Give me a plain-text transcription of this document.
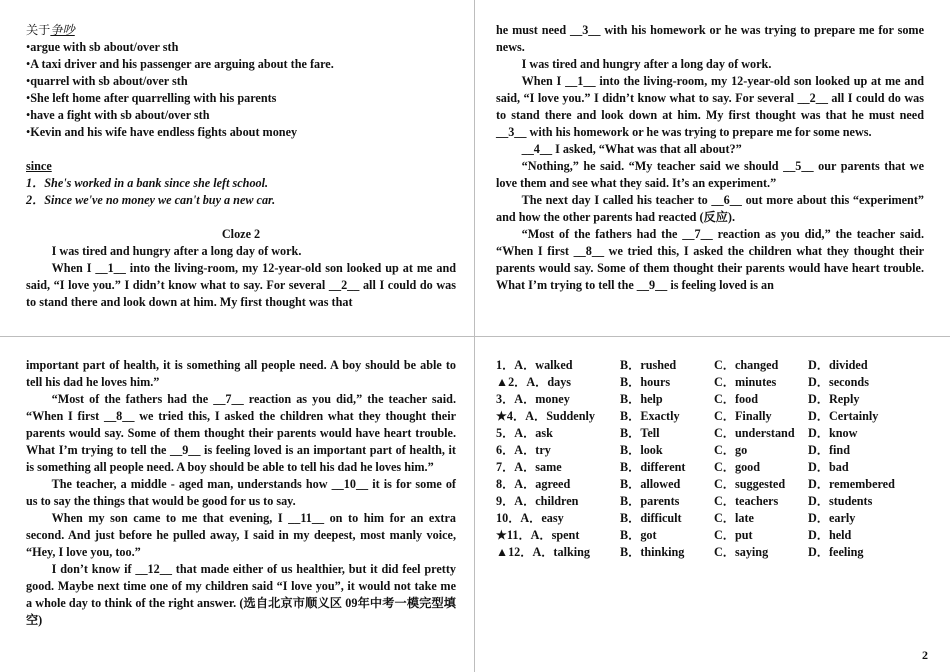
关于争吵
•argue with sb about/over sth
•A taxi driver and his passenger are arguing about the fare.
•quarrel with sb about/over sth
•She left home after quarrelling with his parents
•have a fight with sb about/over sth
•Kevin and his wife have endless fights about money
since
1．She's worked in a bank since she left school.
2．Since we've no money we can't buy a new car.
Cloze 2
I was tired and hungry after a long day of work.
When I __1__ into the living-room, my 12-year-old son looked up at me and said, “I love you.” I didn’t know what to say. For several __2__ all I could do was to stand there and look down at him. My first thought was that
he must need __3__ with his homework or he was trying to prepare me for some news.
I was tired and hungry after a long day of work.
When I __1__ into the living-room, my 12-year-old son looked up at me and said, “I love you.” I didn’t know what to say. For several __2__ all I could do was to stand there and look down at him. My first thought was that he must need __3__ with his homework or he was trying to prepare me for some news.
__4__ I asked, “What was that all about?”
“Nothing,” he said. “My teacher said we should __5__ our parents that we love them and see what they said. It’s an experiment.”
The next day I called his teacher to __6__ out more about this “experiment” and how the other parents had reacted (反应).
“Most of the fathers had the __7__ reaction as you did,” the teacher said. “When I first __8__ we tried this, I asked the children what they thought their parents would say. Some of them thought their parents would have heart trouble. What I’m trying to tell the __9__ is feeling loved is an
important part of health, it is something all people need. A boy should be able to tell his dad he loves him.”
“Most of the fathers had the __7__ reaction as you did,” the teacher said. “When I first __8__ we tried this, I asked the children what they thought their parents would say. Some of them thought their parents would have heart trouble. What I’m trying to tell the __9__ is feeling loved is an important part of health, it is something all people need. A boy should be able to tell his dad he loves him.”
The teacher, a middle - aged man, understands how __10__ it is for some of us to say the things that would be good for us to say.
When my son came to me that evening, I __11__ on to him for an extra second. And just before he pulled away, I said in my deepest, most manly voice, “Hey, I love you, too.”
I don’t know if __12__ that made either of us healthier, but it did feel pretty good. Maybe next time one of my children said “I love you”, it would not take me a whole day to think of the right answer. (选自北京市顺义区 09年中考一模完型填空)
1．A．walked	B．rushed	C．changed	D．divided
▲2．A．days	B．hours	C．minutes	D．seconds
3．A．money	B．help	C．food	D．Reply
★4．A．Suddenly	B．Exactly	C．Finally	D．Certainly
5．A．ask	B．Tell	C．understand	D．know
6．A．try	B．look	C．go	D．find
7．A．same	B．different	C．good	D．bad
8．A．agreed	B．allowed	C．suggested	D．remembered
9．A．children	B．parents	C．teachers	D．students
10．A．easy	B．difficult	C．late	D．early
★11．A．spent	B．got	C．put	D．held
▲12．A．talking	B．thinking	C．saying	D．feeling
2
